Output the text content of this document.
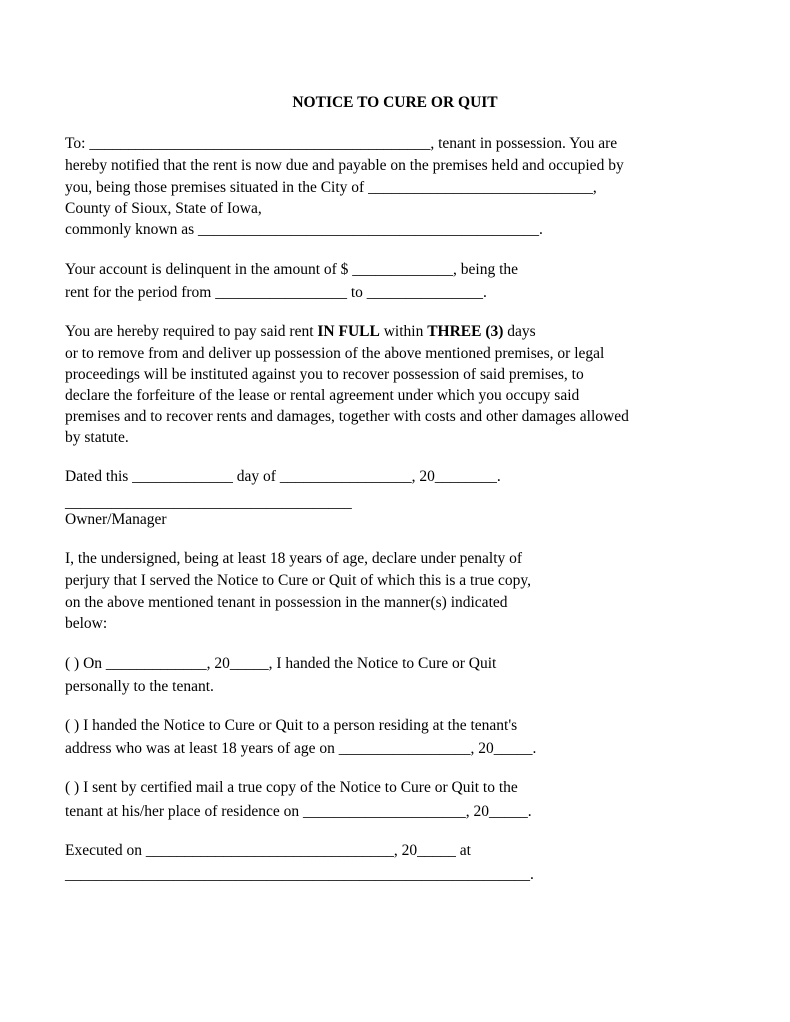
NOTICE TO CURE OR QUIT
To: ____________________________________________, tenant in possession. You are
hereby notified that the rent is now due and payable on the premises held and occupied by
you, being those premises situated in the City of _____________________________,
County of Sioux, State of Iowa,
commonly known as ____________________________________________.
Your account is delinquent in the amount of $ _____________, being the
rent for the period from _________________ to _______________.
You are hereby required to pay said rent IN FULL within THREE (3) days
or to remove from and deliver up possession of the above mentioned premises, or legal
proceedings will be instituted against you to recover possession of said premises, to
declare the forfeiture of the lease or rental agreement under which you occupy said
premises and to recover rents and damages, together with costs and other damages allowed
by statute.
Dated this _____________ day of _________________, 20________.
_____________________________________
Owner/Manager
I, the undersigned, being at least 18 years of age, declare under penalty of
perjury that I served the Notice to Cure or Quit of which this is a true copy,
on the above mentioned tenant in possession in the manner(s) indicated
below:
( ) On _____________, 20_____, I handed the Notice to Cure or Quit
personally to the tenant.
( ) I handed the Notice to Cure or Quit to a person residing at the tenant's
address who was at least 18 years of age on _________________, 20_____.
( ) I sent by certified mail a true copy of the Notice to Cure or Quit to the
tenant at his/her place of residence on _____________________, 20_____.
Executed on ________________________________, 20_____ at
____________________________________________________________.
